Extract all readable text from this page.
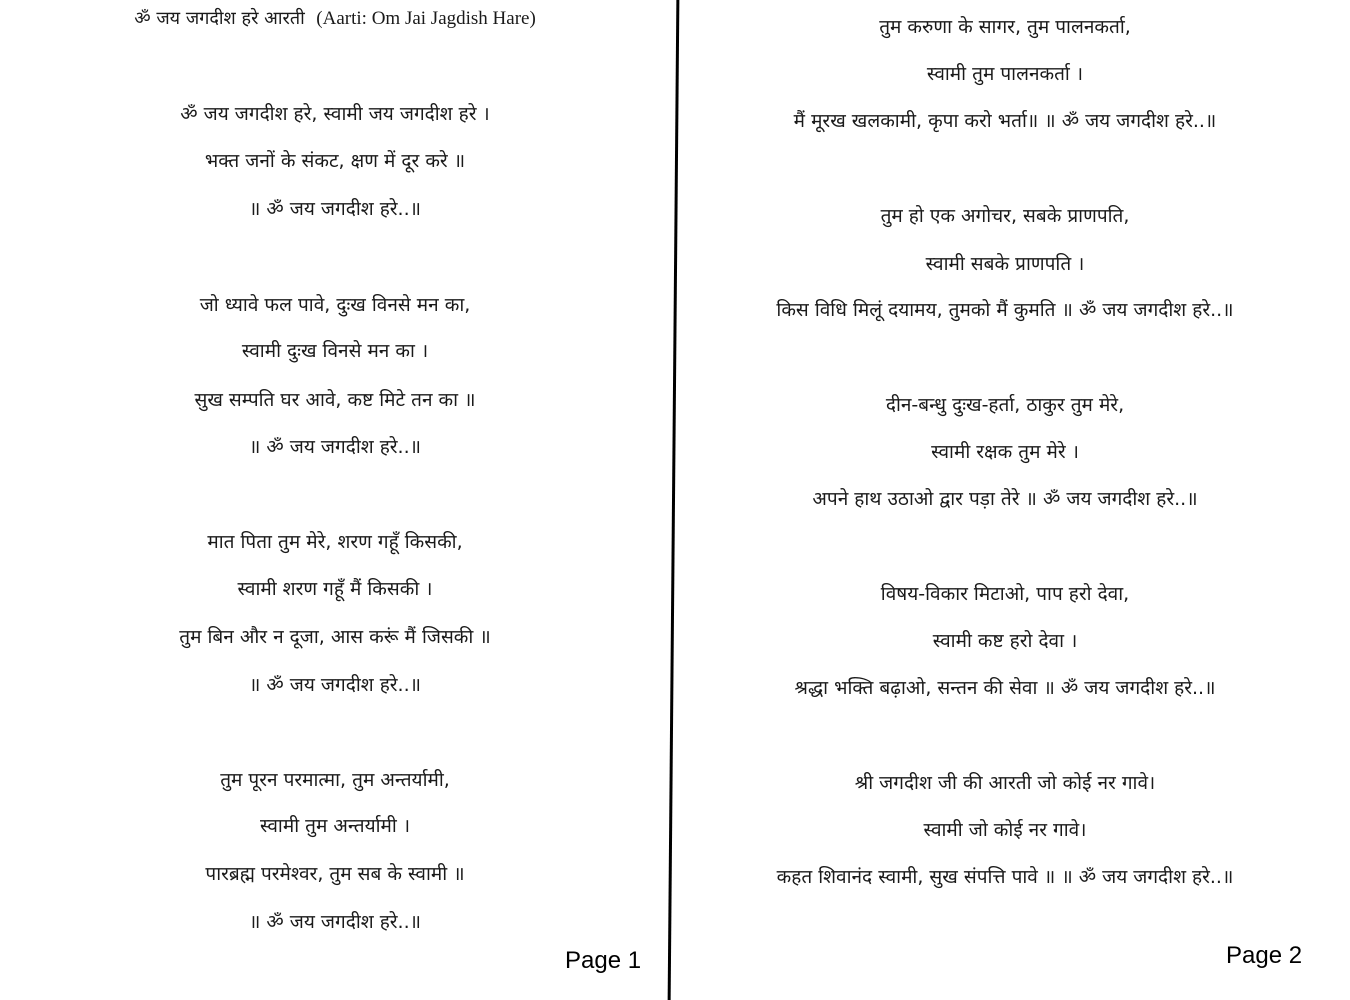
ॐ जय जगदीश हरे आरती (Aarti: Om Jai Jagdish Hare)
ॐ जय जगदीश हरे, स्वामी जय जगदीश हरे ।
भक्त जनों के संकट, क्षण में दूर करे ॥
॥ ॐ जय जगदीश हरे..॥
जो ध्यावे फल पावे, दुःख विनसे मन का,
स्वामी दुःख विनसे मन का ।
सुख सम्पति घर आवे, कष्ट मिटे तन का ॥
॥ ॐ जय जगदीश हरे..॥
मात पिता तुम मेरे, शरण गहूँ किसकी,
स्वामी शरण गहूँ मैं किसकी ।
तुम बिन और न दूजा, आस करूं मैं जिसकी ॥
॥ ॐ जय जगदीश हरे..॥
तुम पूरन परमात्मा, तुम अन्तर्यामी,
स्वामी तुम अन्तर्यामी ।
पारब्रह्म परमेश्वर, तुम सब के स्वामी ॥
॥ ॐ जय जगदीश हरे..॥
Page 1
तुम करुणा के सागर, तुम पालनकर्ता,
स्वामी तुम पालनकर्ता ।
मैं मूरख खलकामी, कृपा करो भर्ता॥ ॥ ॐ जय जगदीश हरे..॥
तुम हो एक अगोचर, सबके प्राणपति,
स्वामी सबके प्राणपति ।
किस विधि मिलूं दयामय, तुमको मैं कुमति ॥ ॐ जय जगदीश हरे..॥
दीन-बन्धु दुःख-हर्ता, ठाकुर तुम मेरे,
स्वामी रक्षक तुम मेरे ।
अपने हाथ उठाओ द्वार पड़ा तेरे ॥ ॐ जय जगदीश हरे..॥
विषय-विकार मिटाओ, पाप हरो देवा,
स्वामी कष्ट हरो देवा ।
श्रद्धा भक्ति बढ़ाओ, सन्तन की सेवा ॥ ॐ जय जगदीश हरे..॥
श्री जगदीश जी की आरती जो कोई नर गावे।
स्वामी जो कोई नर गावे।
कहत शिवानंद स्वामी, सुख संपत्ति पावे ॥ ॥ ॐ जय जगदीश हरे..॥
Page 2
